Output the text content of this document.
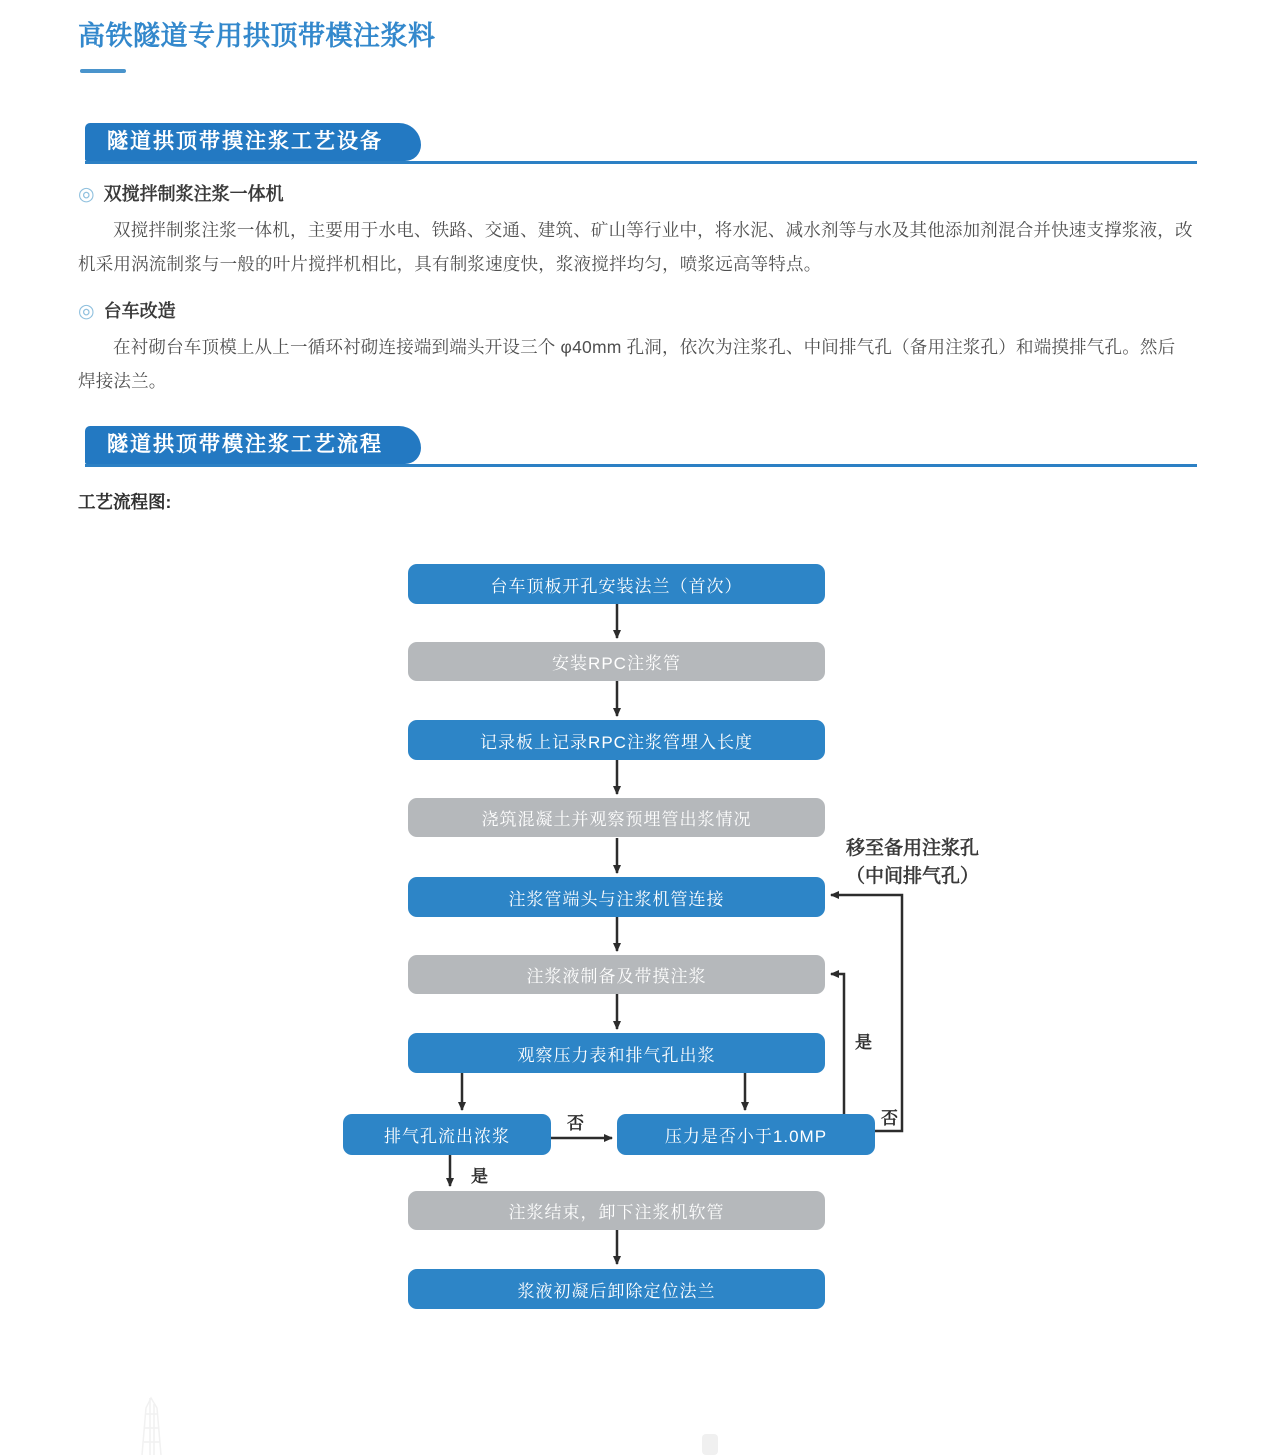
高铁隧道专用拱顶带模注浆料
隧道拱顶带摸注浆工艺设备
◎ 双搅拌制浆注浆一体机
双搅拌制浆注浆一体机，主要用于水电、铁路、交通、建筑、矿山等行业中，将水泥、减水剂等与水及其他添加剂混合并快速支撑浆液，改
机采用涡流制浆与一般的叶片搅拌机相比，具有制浆速度快，浆液搅拌均匀，喷浆远高等特点。
◎ 台车改造
在衬砌台车顶模上从上一循环衬砌连接端到端头开设三个 φ40mm 孔洞，依次为注浆孔、中间排气孔（备用注浆孔）和端摸排气孔。然后
焊接法兰。
隧道拱顶带模注浆工艺流程
工艺流程图:
台车顶板开孔安装法兰（首次）
安装RPC注浆管
记录板上记录RPC注浆管埋入长度
浇筑混凝土并观察预埋管出浆情况
注浆管端头与注浆机管连接
注浆液制备及带摸注浆
观察压力表和排气孔出浆
排气孔流出浓浆	压力是否小于1.0MP
注浆结束，卸下注浆机软管
浆液初凝后卸除定位法兰
否
是
是
否
移至备用注浆孔
（中间排气孔）
